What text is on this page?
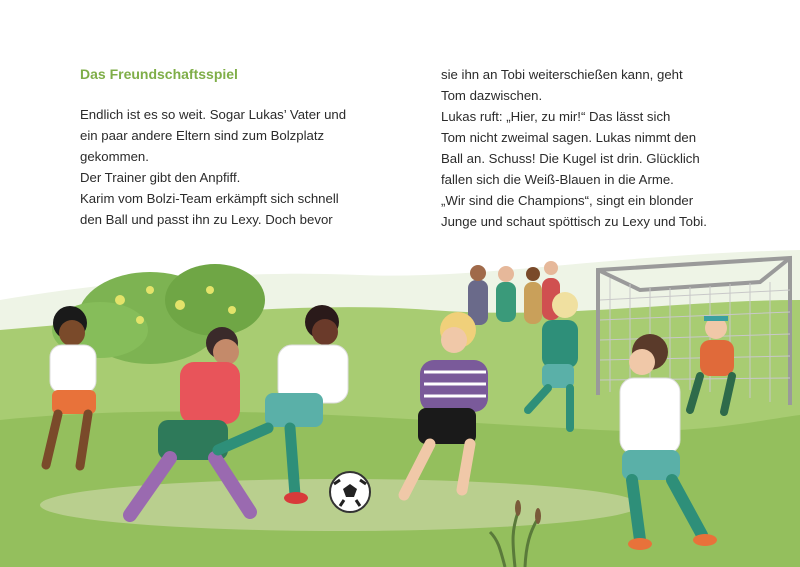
Das Freundschaftsspiel

Endlich ist es so weit. Sogar Lukas’ Vater und

ein paar andere Eltern sind zum Bolzplatz

gekommen.

Der Trainer gibt den Anpfiff.

Karim vom Bolzi-Team erkämpft sich schnell

den Ball und passt ihn zu Lexy. Doch bevor

sie ihn an Tobi weiterschießen kann, geht

Tom dazwischen.

Lukas ruft: „Hier, zu mir!“ Das lässt sich

Tom nicht zweimal sagen. Lukas nimmt den

Ball an. Schuss! Die Kugel ist drin. Glücklich

fallen sich die Weiß-Blauen in die Arme.

„Wir sind die Champions“, singt ein blonder

Junge und schaut spöttisch zu Lexy und Tobi.
